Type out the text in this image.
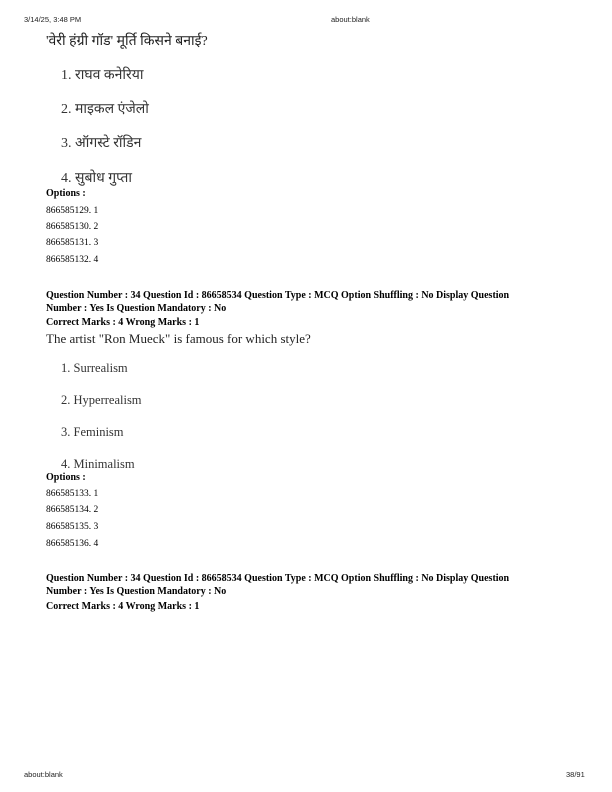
3/14/25, 3:48 PM	about:blank
'वेरी हंग्री गॉड' मूर्ति किसने बनाई?
1. राघव कनेरिया
2. माइकल एंजेलो
3. ऑगस्टे रॉडिन
4. सुबोध गुप्ता
Options :
866585129. 1
866585130. 2
866585131. 3
866585132. 4
Question Number : 34 Question Id : 86658534 Question Type : MCQ Option Shuffling : No Display Question
Number : Yes Is Question Mandatory : No
Correct Marks : 4 Wrong Marks : 1
The artist "Ron Mueck" is famous for which style?
1. Surrealism
2. Hyperrealism
3. Feminism
4. Minimalism
Options :
866585133. 1
866585134. 2
866585135. 3
866585136. 4
Question Number : 34 Question Id : 86658534 Question Type : MCQ Option Shuffling : No Display Question
Number : Yes Is Question Mandatory : No
Correct Marks : 4 Wrong Marks : 1
about:blank	38/91
